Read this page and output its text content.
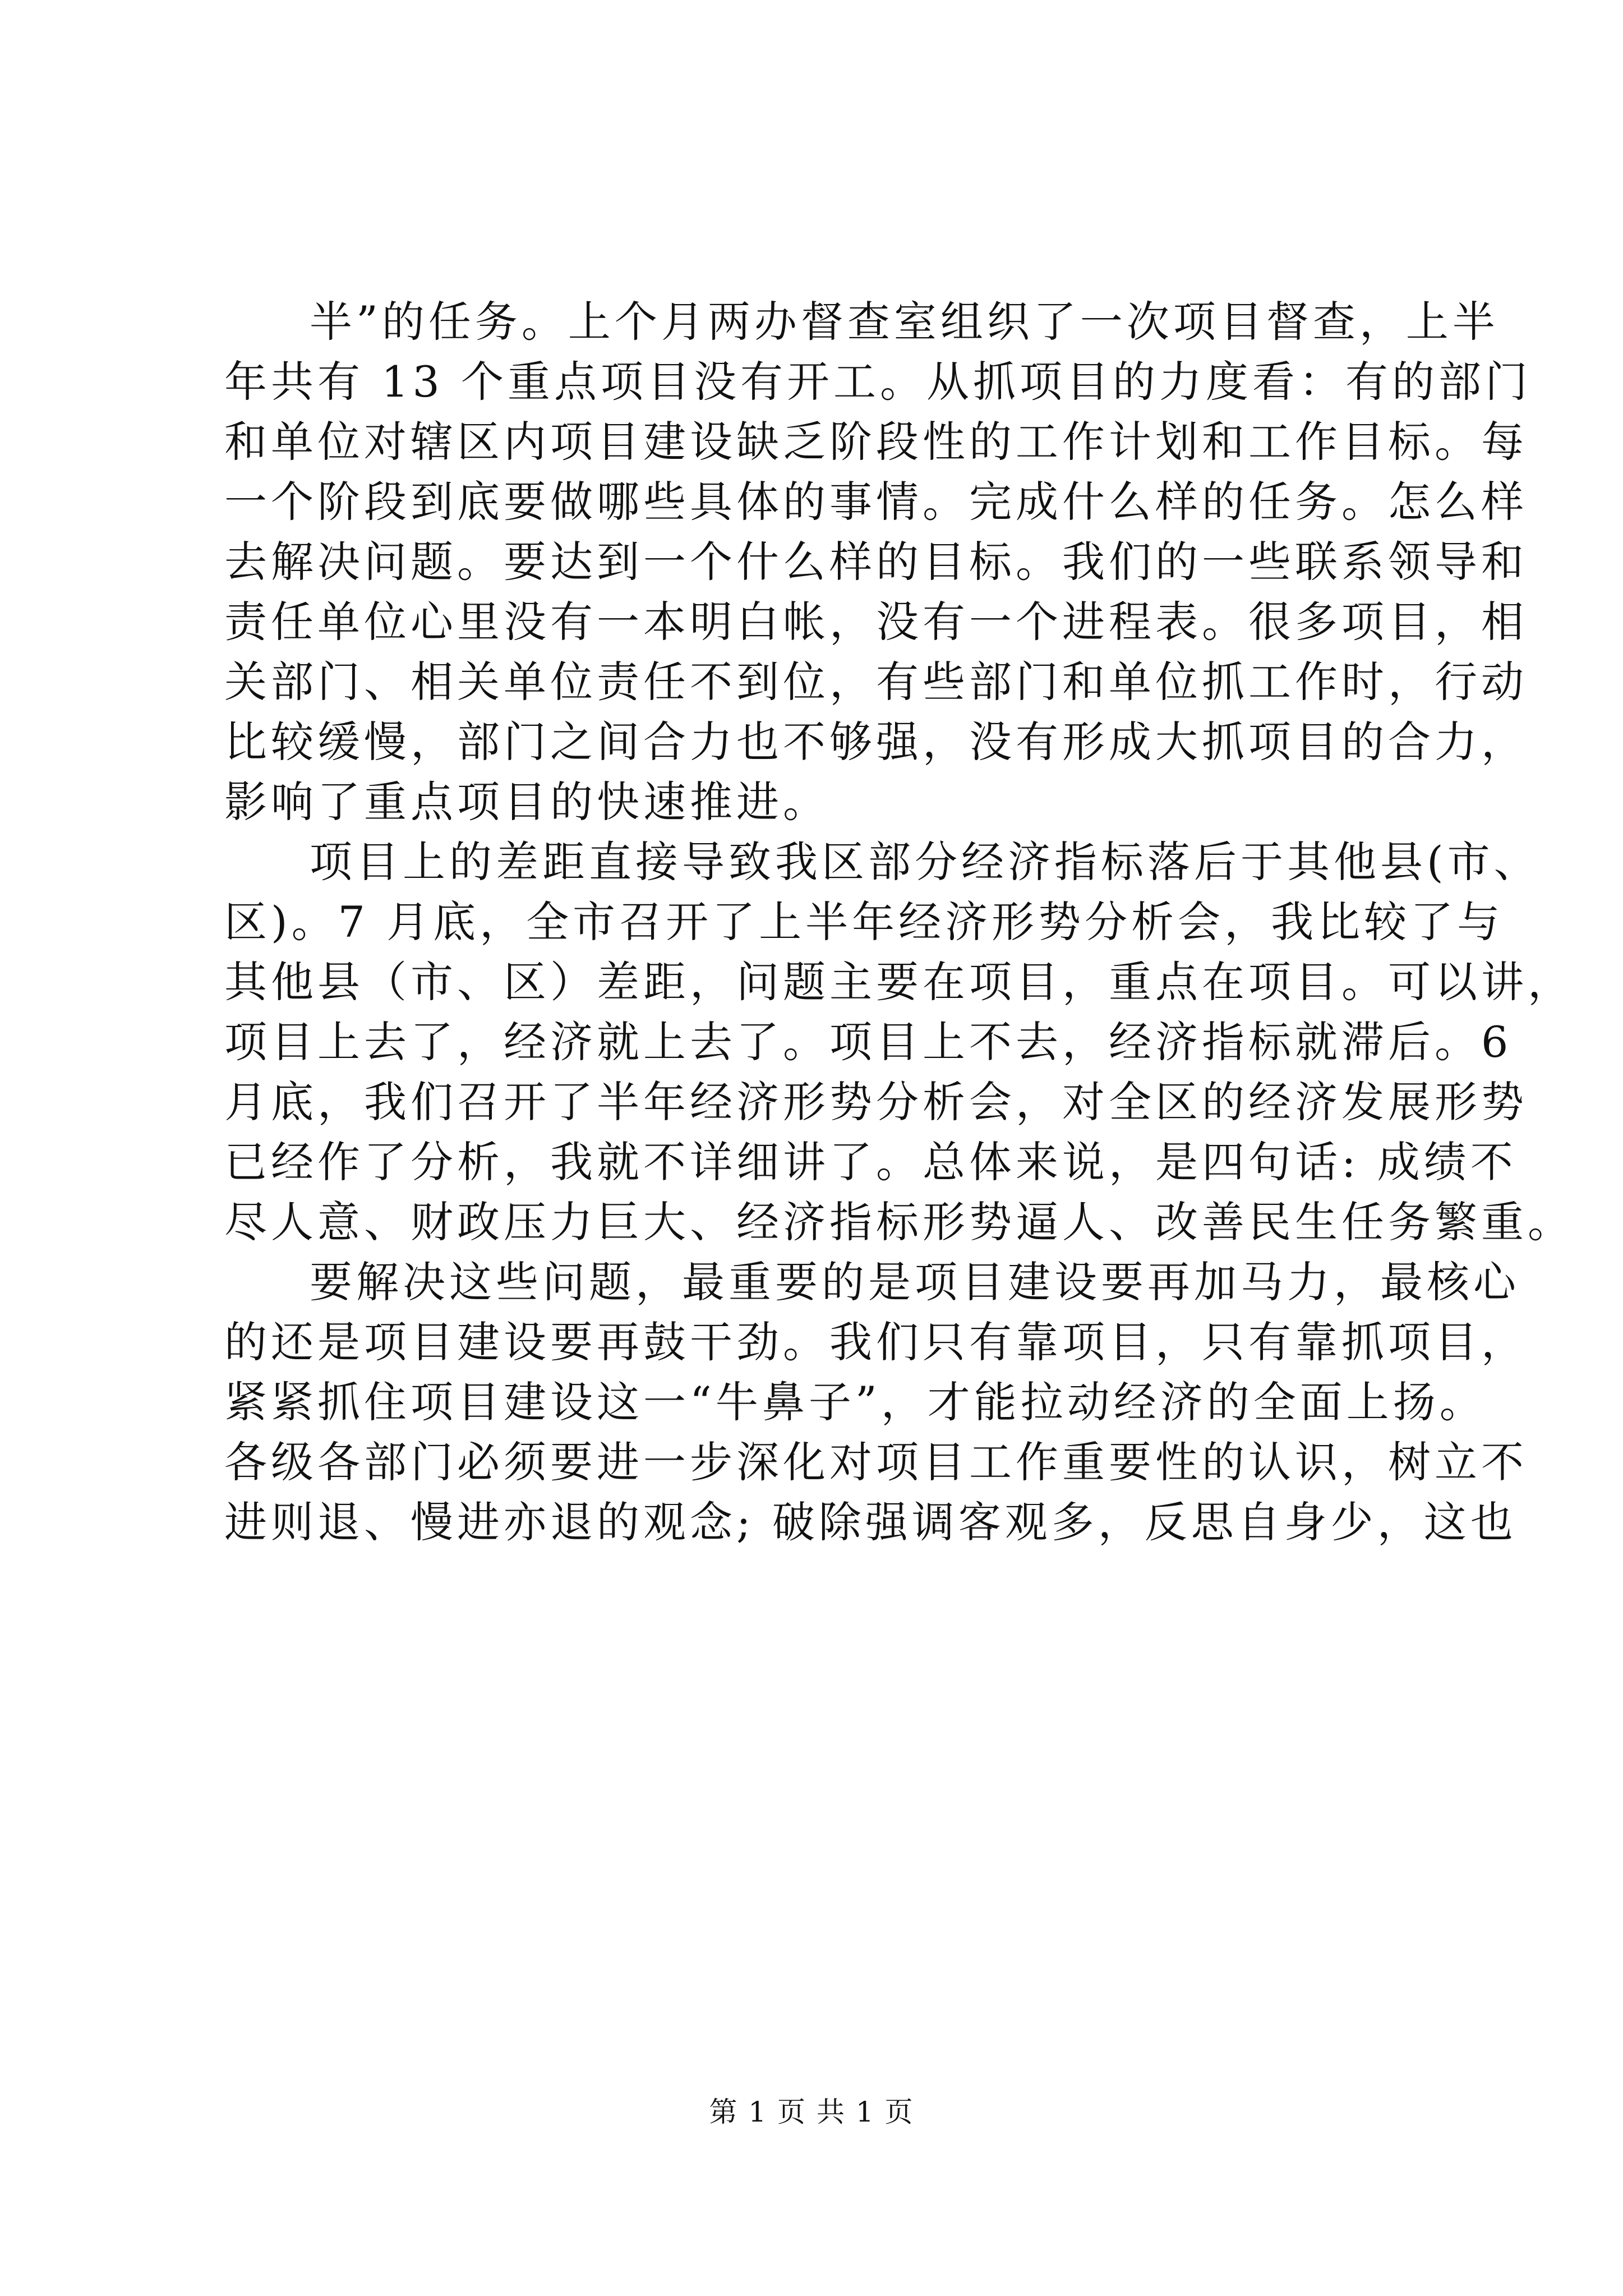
半”的任务。上个月两办督查室组织了一次项目督查，上半
年共有 13 个重点项目没有开工。从抓项目的力度看：有的部门
和单位对辖区内项目建设缺乏阶段性的工作计划和工作目标。每
一个阶段到底要做哪些具体的事情。完成什么样的任务。怎么样
去解决问题。要达到一个什么样的目标。我们的一些联系领导和
责任单位心里没有一本明白帐，没有一个进程表。很多项目，相
关部门、相关单位责任不到位，有些部门和单位抓工作时，行动
比较缓慢，部门之间合力也不够强，没有形成大抓项目的合力，
影响了重点项目的快速推进。
项目上的差距直接导致我区部分经济指标落后于其他县(市、
区)。7 月底，全市召开了上半年经济形势分析会，我比较了与
其他县（市、区）差距，问题主要在项目，重点在项目。可以讲，
项目上去了，经济就上去了。项目上不去，经济指标就滞后。6
月底，我们召开了半年经济形势分析会，对全区的经济发展形势
已经作了分析，我就不详细讲了。总体来说，是四句话: 成绩不
尽人意、财政压力巨大、经济指标形势逼人、改善民生任务繁重。
要解决这些问题，最重要的是项目建设要再加马力，最核心
的还是项目建设要再鼓干劲。我们只有靠项目，只有靠抓项目，
紧紧抓住项目建设这一“牛鼻子”，才能拉动经济的全面上扬。
各级各部门必须要进一步深化对项目工作重要性的认识，树立不
进则退、慢进亦退的观念; 破除强调客观多，反思自身少，这也
第 1 页 共 1 页
